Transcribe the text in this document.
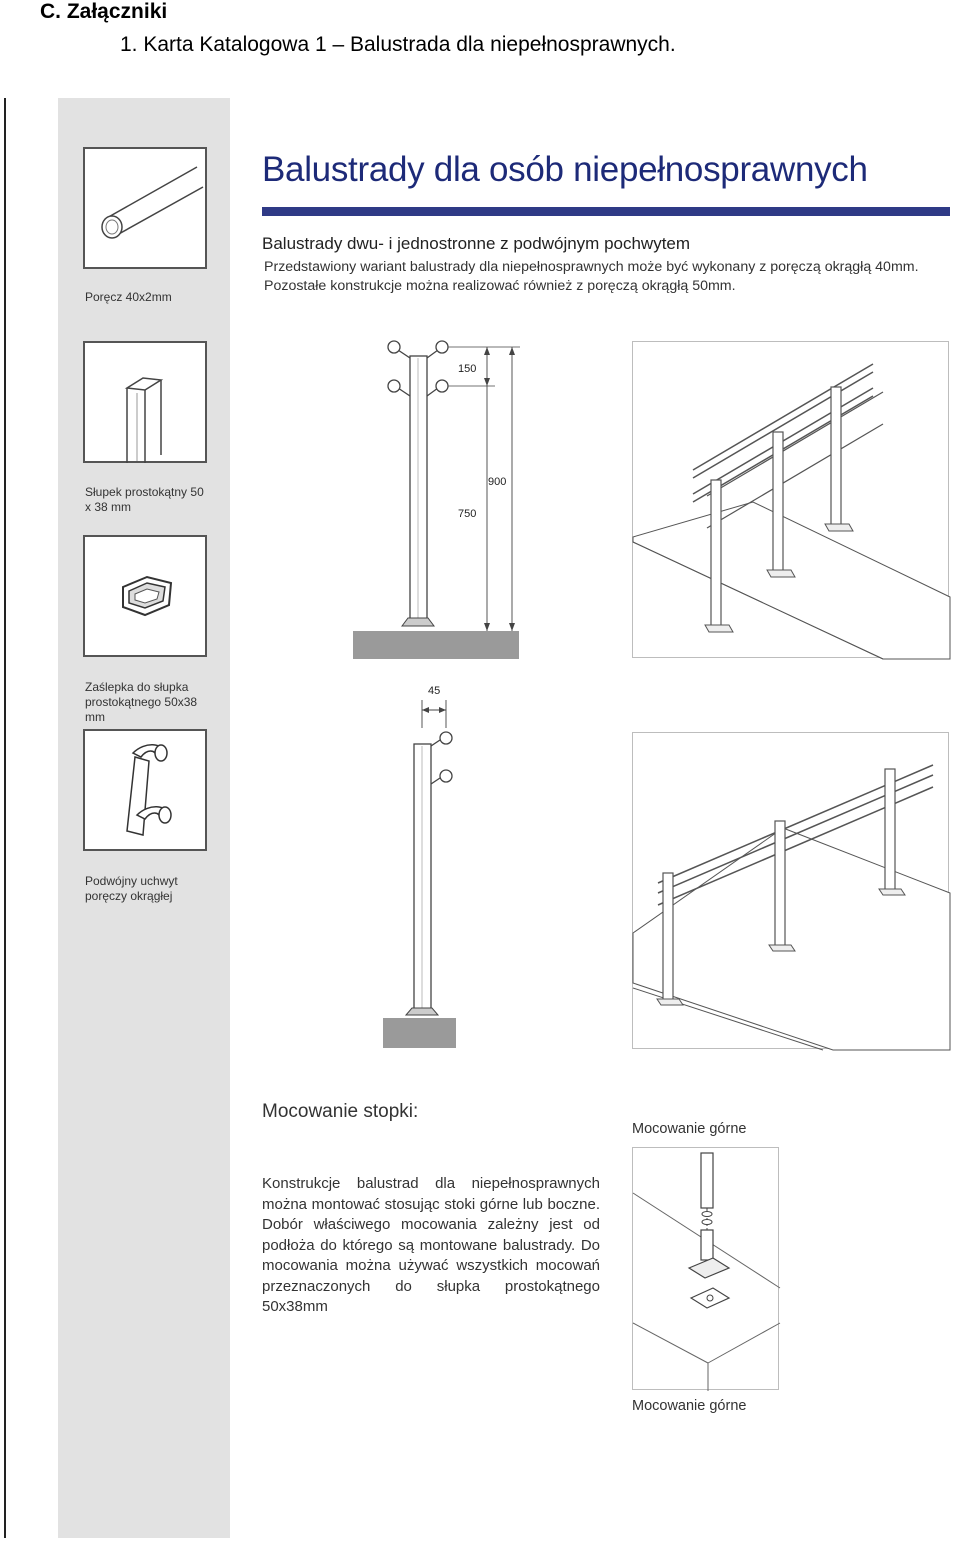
C. Załączniki
1. Karta Katalogowa 1 – Balustrada dla niepełnosprawnych.
Poręcz 40x2mm
Słupek prostokątny 50 x 38 mm
Zaślepka do słupka prostokątnego 50x38 mm
Podwójny uchwyt poręczy okrągłej
Balustrady dla osób niepełnosprawnych
Balustrady dwu- i jednostronne z podwójnym pochwytem
Przedstawiony wariant balustrady dla niepełnosprawnych może być wykonany z poręczą okrągłą 40mm. Pozostałe konstrukcje można realizować również z poręczą okrągłą 50mm.
150
900
750
45
Mocowanie stopki:
Konstrukcje balustrad dla niepełnosprawnych można montować stosując stoki górne lub boczne. Dobór właściwego mocowania zależny jest od podłoża do którego są montowane balustrady. Do mocowania można używać wszystkich mocowań przeznaczonych do słupka prostokątnego 50x38mm
Mocowanie górne
Mocowanie górne
